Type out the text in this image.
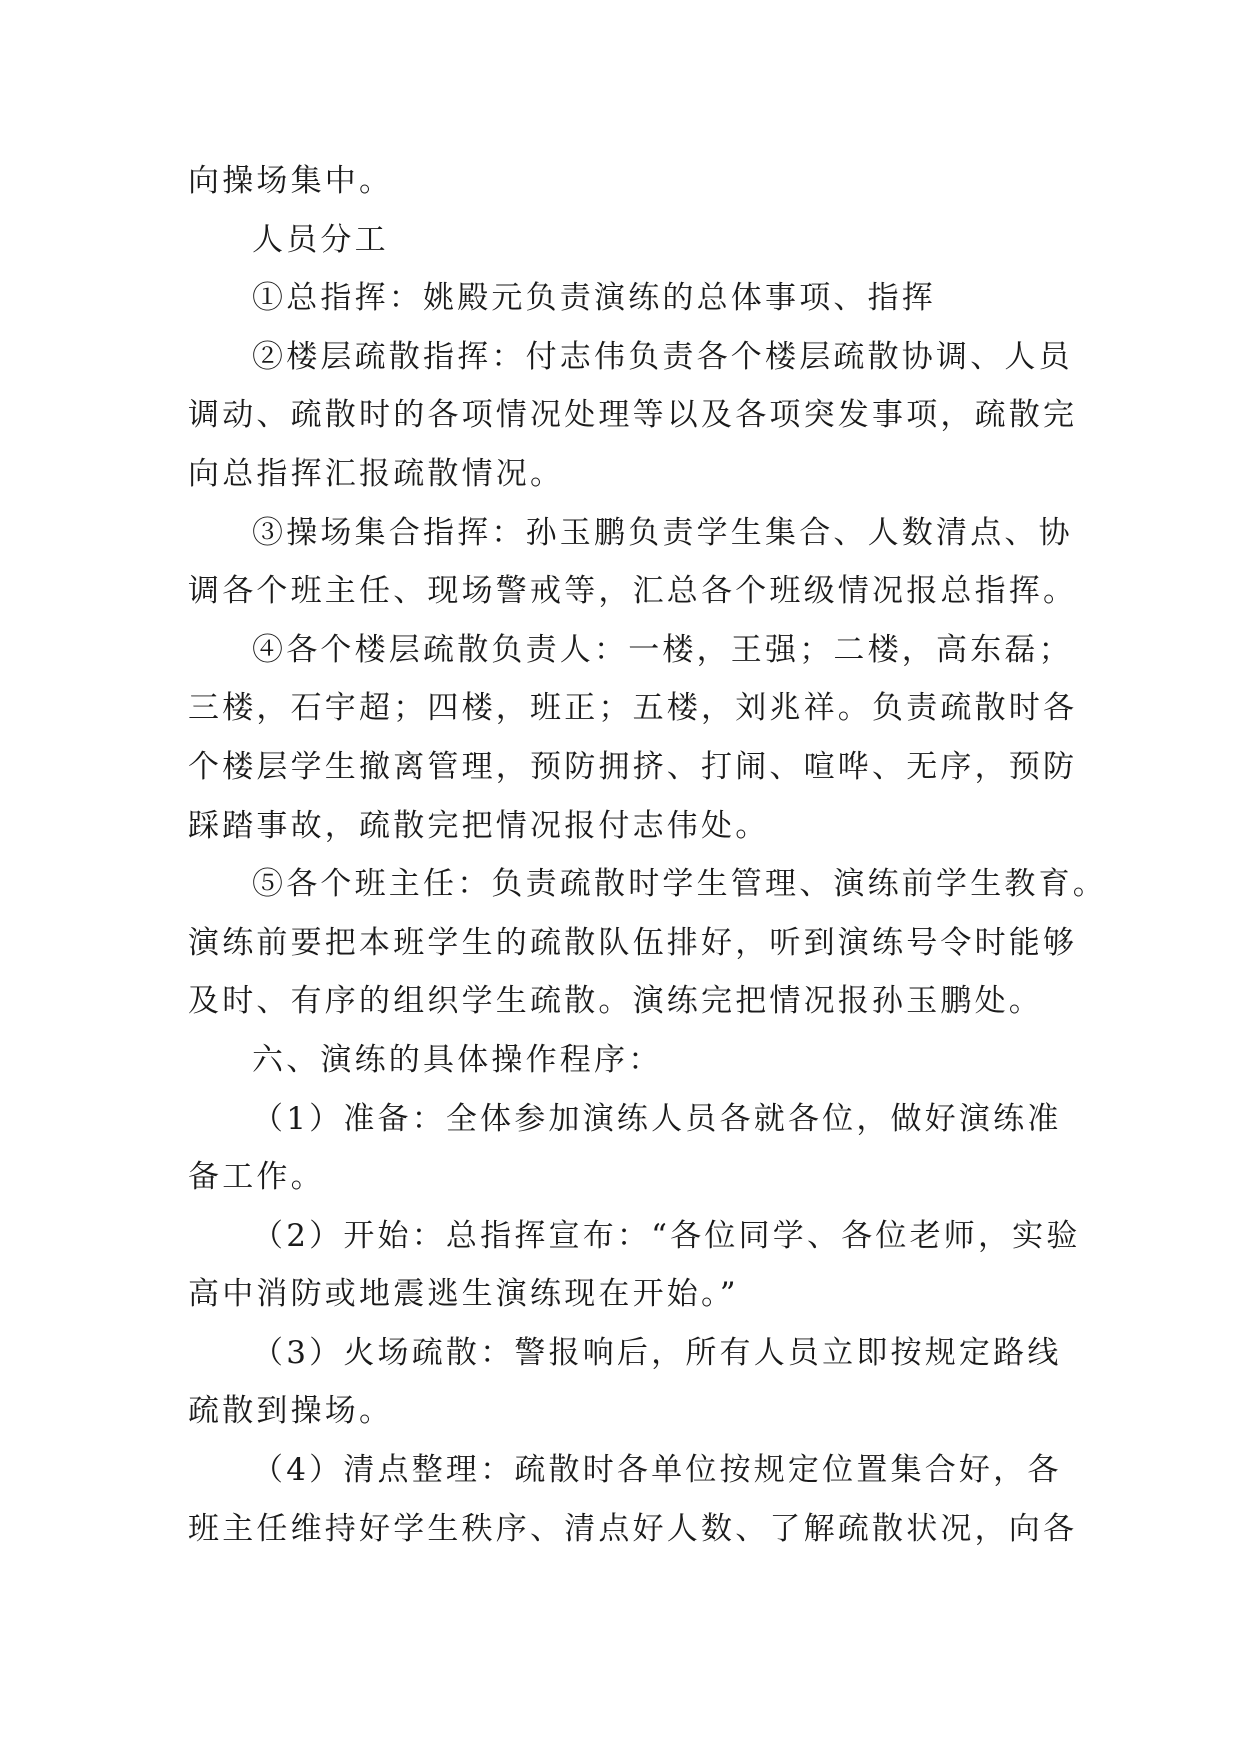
向操场集中。
人员分工
①总指挥：姚殿元负责演练的总体事项、指挥
②楼层疏散指挥：付志伟负责各个楼层疏散协调、人员
调动、疏散时的各项情况处理等以及各项突发事项，疏散完
向总指挥汇报疏散情况。
③操场集合指挥：孙玉鹏负责学生集合、人数清点、协
调各个班主任、现场警戒等，汇总各个班级情况报总指挥。
④各个楼层疏散负责人：一楼，王强；二楼，高东磊；
三楼，石宇超；四楼，班正；五楼，刘兆祥。负责疏散时各
个楼层学生撤离管理，预防拥挤、打闹、喧哗、无序，预防
踩踏事故，疏散完把情况报付志伟处。
⑤各个班主任：负责疏散时学生管理、演练前学生教育。
演练前要把本班学生的疏散队伍排好，听到演练号令时能够
及时、有序的组织学生疏散。演练完把情况报孙玉鹏处。
六、演练的具体操作程序：
（1）准备：全体参加演练人员各就各位，做好演练准
备工作。
（2）开始：总指挥宣布：“各位同学、各位老师，实验
高中消防或地震逃生演练现在开始。”
（3）火场疏散：警报响后，所有人员立即按规定路线
疏散到操场。
（4）清点整理：疏散时各单位按规定位置集合好，各
班主任维持好学生秩序、清点好人数、了解疏散状况，向各
